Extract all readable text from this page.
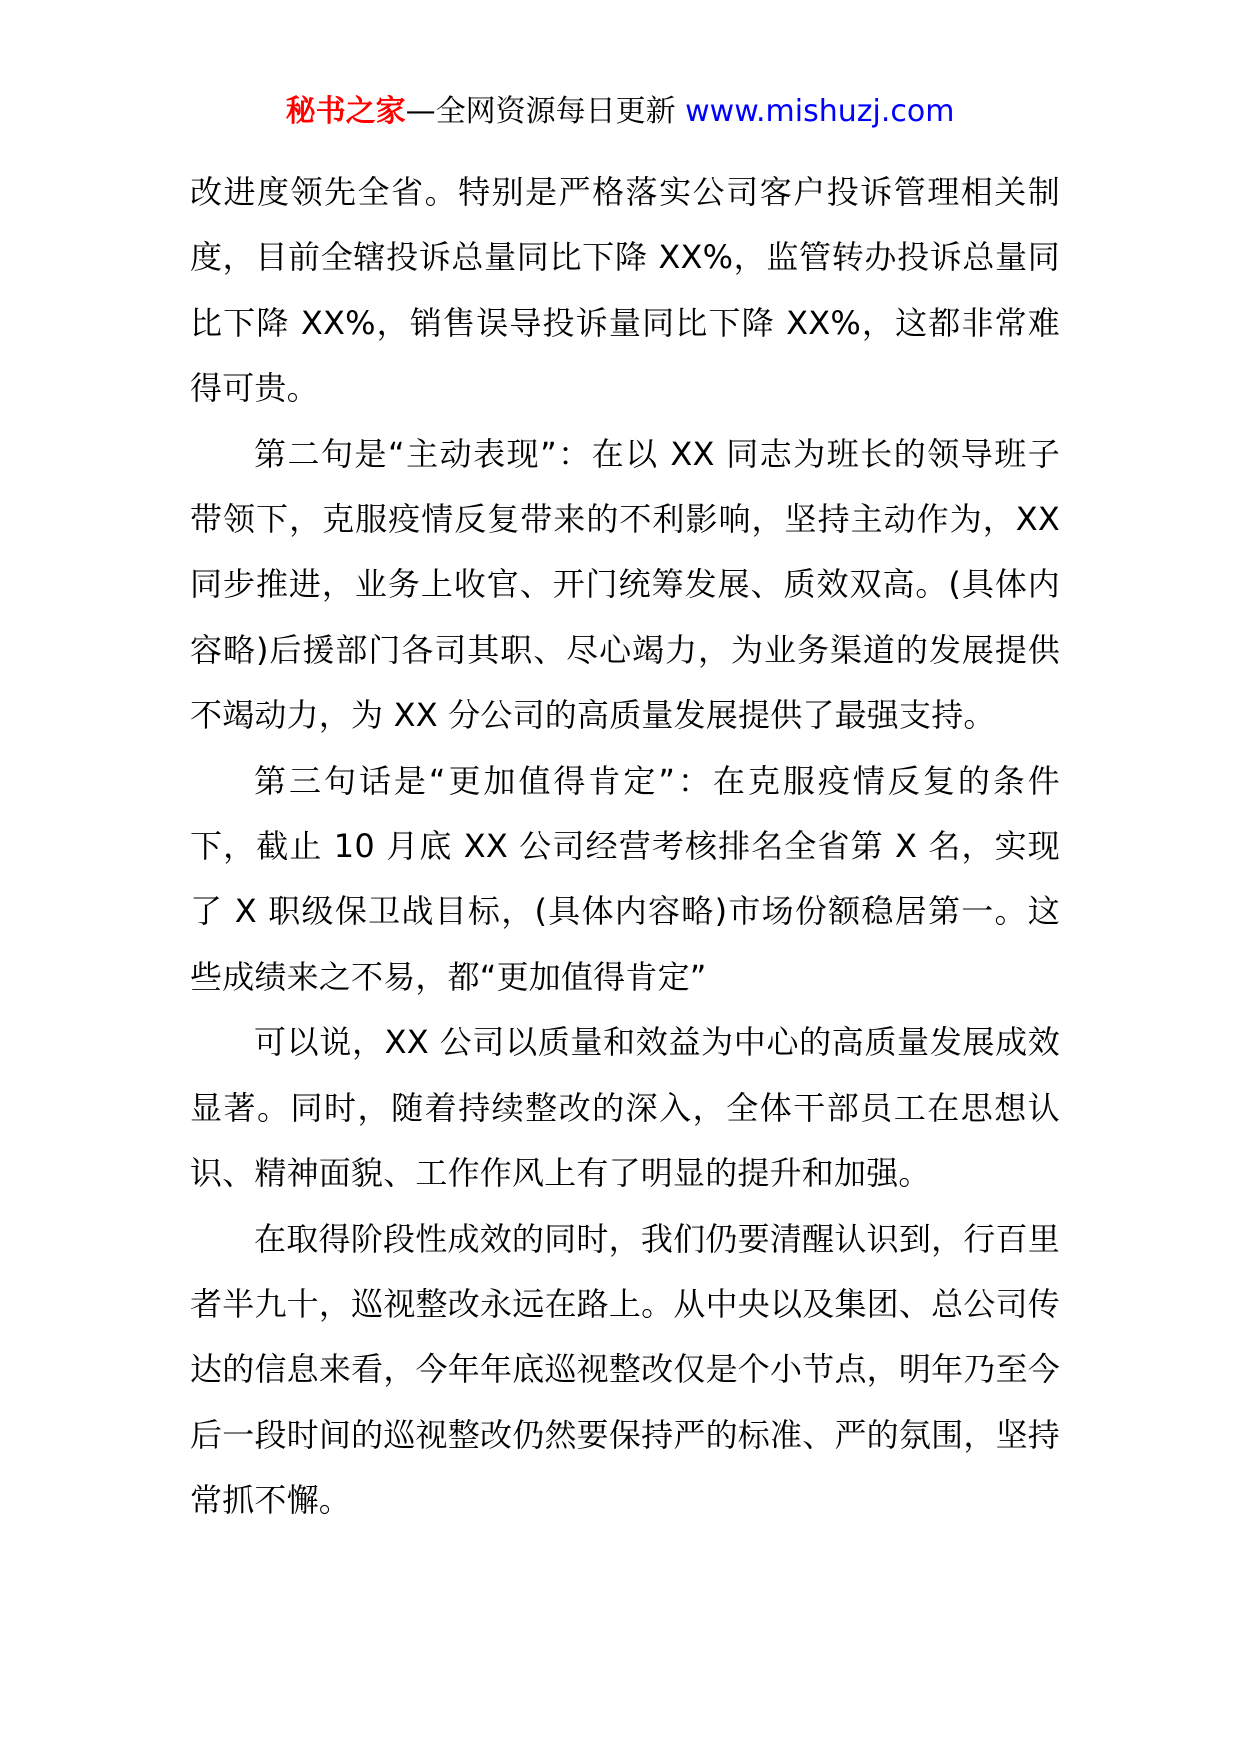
秘书之家—全网资源每日更新 www.mishuzj.com

改进度领先全省。特别是严格落实公司客户投诉管理相关制度，目前全辖投诉总量同比下降 XX%，监管转办投诉总量同比下降 XX%，销售误导投诉量同比下降 XX%，这都非常难得可贵。

第二句是“主动表现”：在以 XX 同志为班长的领导班子带领下，克服疫情反复带来的不利影响，坚持主动作为，XX 同步推进，业务上收官、开门统筹发展、质效双高。(具体内容略)后援部门各司其职、尽心竭力，为业务渠道的发展提供不竭动力，为 XX 分公司的高质量发展提供了最强支持。

第三句话是“更加值得肯定”：在克服疫情反复的条件下，截止 10 月底 XX 公司经营考核排名全省第 X 名，实现了 X 职级保卫战目标，(具体内容略)市场份额稳居第一。这些成绩来之不易，都“更加值得肯定”

可以说，XX 公司以质量和效益为中心的高质量发展成效显著。同时，随着持续整改的深入，全体干部员工在思想认识、精神面貌、工作作风上有了明显的提升和加强。

在取得阶段性成效的同时，我们仍要清醒认识到，行百里者半九十，巡视整改永远在路上。从中央以及集团、总公司传达的信息来看，今年年底巡视整改仅是个小节点，明年乃至今后一段时间的巡视整改仍然要保持严的标准、严的氛围，坚持常抓不懈。
